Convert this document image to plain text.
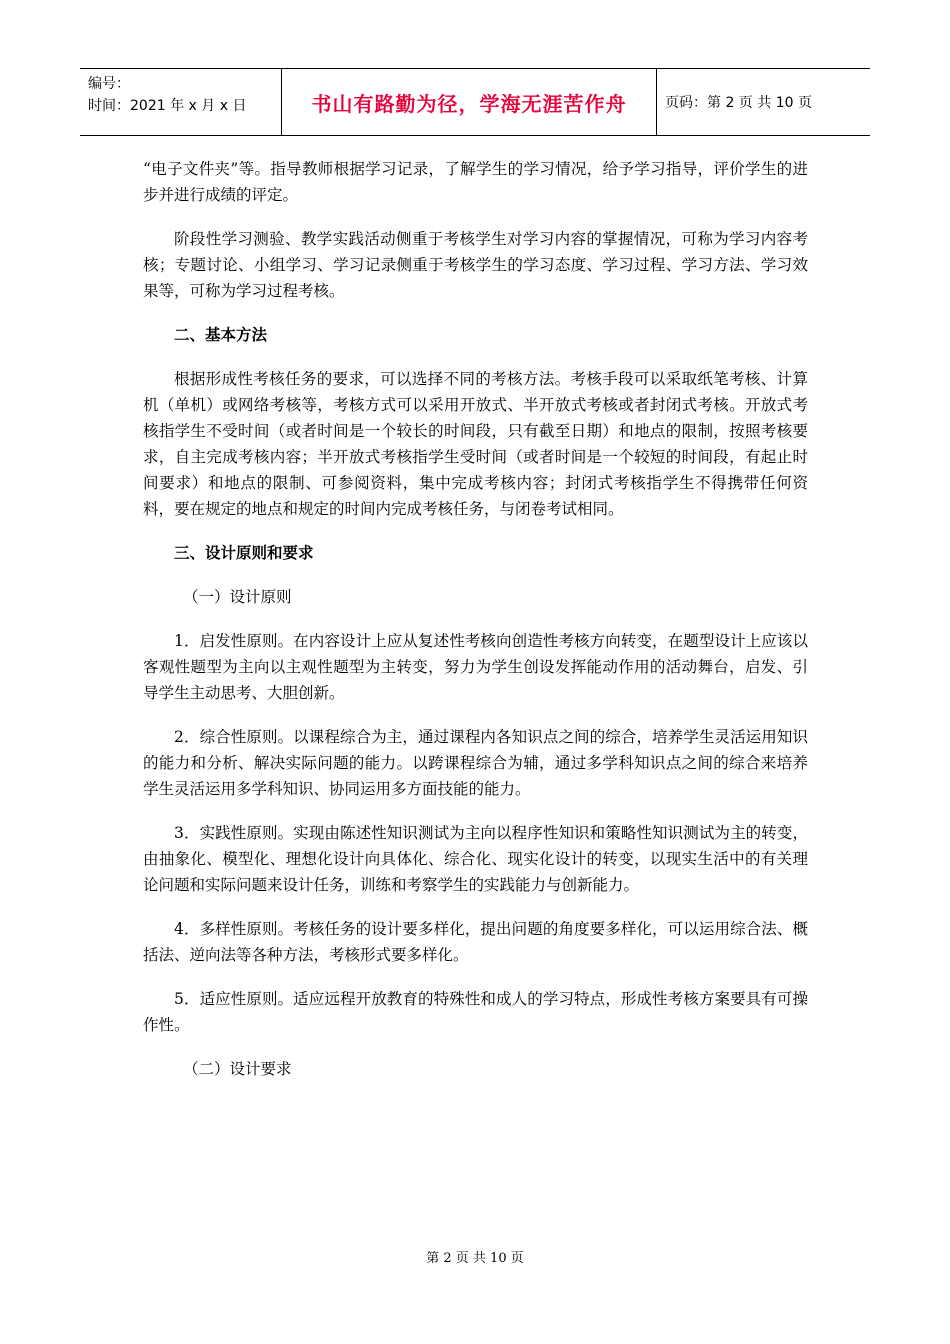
编号：
时间：2021 年 x 月 x 日	书山有路勤为径，学海无涯苦作舟	页码：第 2 页 共 10 页

“电子文件夹”等。指导教师根据学习记录，了解学生的学习情况，给予学习指导，评价学生的进步并进行成绩的评定。

阶段性学习测验、教学实践活动侧重于考核学生对学习内容的掌握情况，可称为学习内容考核；专题讨论、小组学习、学习记录侧重于考核学生的学习态度、学习过程、学习方法、学习效果等，可称为学习过程考核。

二、基本方法

根据形成性考核任务的要求，可以选择不同的考核方法。考核手段可以采取纸笔考核、计算机（单机）或网络考核等，考核方式可以采用开放式、半开放式考核或者封闭式考核。开放式考核指学生不受时间（或者时间是一个较长的时间段，只有截至日期）和地点的限制，按照考核要求，自主完成考核内容；半开放式考核指学生受时间（或者时间是一个较短的时间段，有起止时间要求）和地点的限制、可参阅资料，集中完成考核内容；封闭式考核指学生不得携带任何资料，要在规定的地点和规定的时间内完成考核任务，与闭卷考试相同。

三、设计原则和要求

（一）设计原则

1．启发性原则。在内容设计上应从复述性考核向创造性考核方向转变，在题型设计上应该以客观性题型为主向以主观性题型为主转变，努力为学生创设发挥能动作用的活动舞台，启发、引导学生主动思考、大胆创新。

2．综合性原则。以课程综合为主，通过课程内各知识点之间的综合，培养学生灵活运用知识的能力和分析、解决实际问题的能力。以跨课程综合为辅，通过多学科知识点之间的综合来培养学生灵活运用多学科知识、协同运用多方面技能的能力。

3．实践性原则。实现由陈述性知识测试为主向以程序性知识和策略性知识测试为主的转变，由抽象化、模型化、理想化设计向具体化、综合化、现实化设计的转变，以现实生活中的有关理论问题和实际问题来设计任务，训练和考察学生的实践能力与创新能力。

4．多样性原则。考核任务的设计要多样化，提出问题的角度要多样化，可以运用综合法、概括法、逆向法等各种方法，考核形式要多样化。

5．适应性原则。适应远程开放教育的特殊性和成人的学习特点，形成性考核方案要具有可操作性。

（二）设计要求

第 2 页 共 10 页
